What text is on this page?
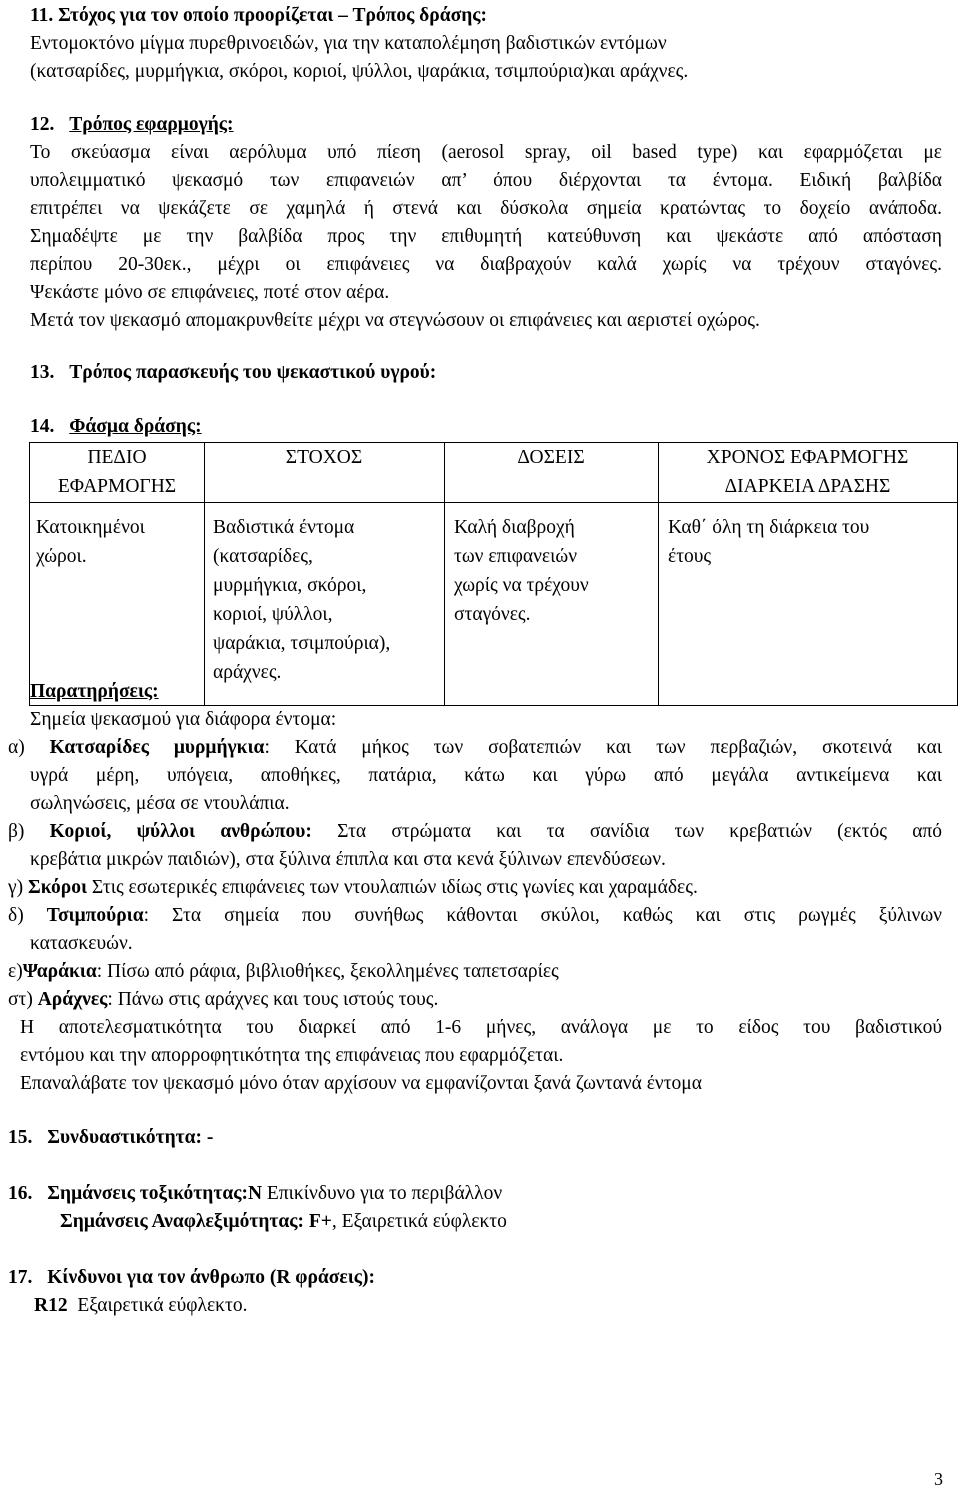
11. Στόχος για τον οποίο προορίζεται – Τρόπος δράσης:
Εντομοκτόνο μίγμα πυρεθρινοειδών, για την καταπολέμηση βαδιστικών εντόμων
(κατσαρίδες, μυρμήγκια, σκόροι, κοριοί, ψύλλοι, ψαράκια, τσιμπούρια)και αράχνες.
12. Τρόπος εφαρμογής:
Το σκεύασμα είναι αερόλυμα υπό πίεση (aerosol spray, oil based type) και εφαρμόζεται με
υπολειμματικό ψεκασμό των επιφανειών απ’ όπου διέρχονται τα έντομα. Ειδική βαλβίδα
επιτρέπει να ψεκάζετε σε χαμηλά ή στενά και δύσκολα σημεία κρατώντας το δοχείο ανάποδα.
Σημαδέψτε με την βαλβίδα προς την επιθυμητή κατεύθυνση και ψεκάστε από απόσταση
περίπου 20-30εκ., μέχρι οι επιφάνειες να διαβραχούν καλά χωρίς να τρέχουν σταγόνες.
Ψεκάστε μόνο σε επιφάνειες, ποτέ στον αέρα.
Μετά τον ψεκασμό απομακρυνθείτε μέχρι να στεγνώσουν οι επιφάνειες και αεριστεί οχώρος.
13. Τρόπος παρασκευής του ψεκαστικού υγρού:
14. Φάσμα δράσης:
ΠΕΔΙΟ
ΕΦΑΡΜΟΓΗΣ
ΣΤΟΧΟΣ	ΔΟΣΕΙΣ	ΧΡΟΝΟΣ ΕΦΑΡΜΟΓΗΣ
ΔΙΑΡΚΕΙΑ ΔΡΑΣΗΣ
Κατοικημένοι
χώροι.
Βαδιστικά έντομα
(κατσαρίδες,
μυρμήγκια, σκόροι,
κοριοί, ψύλλοι,
ψαράκια, τσιμπούρια),
αράχνες.
Καλή διαβροχή
των επιφανειών
χωρίς να τρέχουν
σταγόνες.
Καθ΄ όλη τη διάρκεια του
έτους
Παρατηρήσεις:
Σημεία ψεκασμού για διάφορα έντομα:
α) Κατσαρίδες μυρμήγκια: Κατά μήκος των σοβατεπιών και των περβαζιών, σκοτεινά και
υγρά μέρη, υπόγεια, αποθήκες, πατάρια, κάτω και γύρω από μεγάλα αντικείμενα και
σωληνώσεις, μέσα σε ντουλάπια.
β) Κοριοί, ψύλλοι ανθρώπου: Στα στρώματα και τα σανίδια των κρεβατιών (εκτός από
κρεβάτια μικρών παιδιών), στα ξύλινα έπιπλα και στα κενά ξύλινων επενδύσεων.
γ) Σκόροι Στις εσωτερικές επιφάνειες των ντουλαπιών ιδίως στις γωνίες και χαραμάδες.
δ) Τσιμπούρια: Στα σημεία που συνήθως κάθονται σκύλοι, καθώς και στις ρωγμές ξύλινων
κατασκευών.
ε)Ψαράκια: Πίσω από ράφια, βιβλιοθήκες, ξεκολλημένες ταπετσαρίες
στ) Αράχνες: Πάνω στις αράχνες και τους ιστούς τους.
Η αποτελεσματικότητα του διαρκεί από 1-6 μήνες, ανάλογα με το είδος του βαδιστικού
εντόμου και την απορροφητικότητα της επιφάνειας που εφαρμόζεται.
Επαναλάβατε τον ψεκασμό μόνο όταν αρχίσουν να εμφανίζονται ξανά ζωντανά έντομα
15. Συνδυαστικότητα: -
16. Σημάνσεις τοξικότητας:Ν Επικίνδυνο για το περιβάλλον
Σημάνσεις Αναφλεξιμότητας: F+, Εξαιρετικά εύφλεκτο
17. Κίνδυνοι για τον άνθρωπο (R φράσεις):
R12  Εξαιρετικά εύφλεκτο.
3
